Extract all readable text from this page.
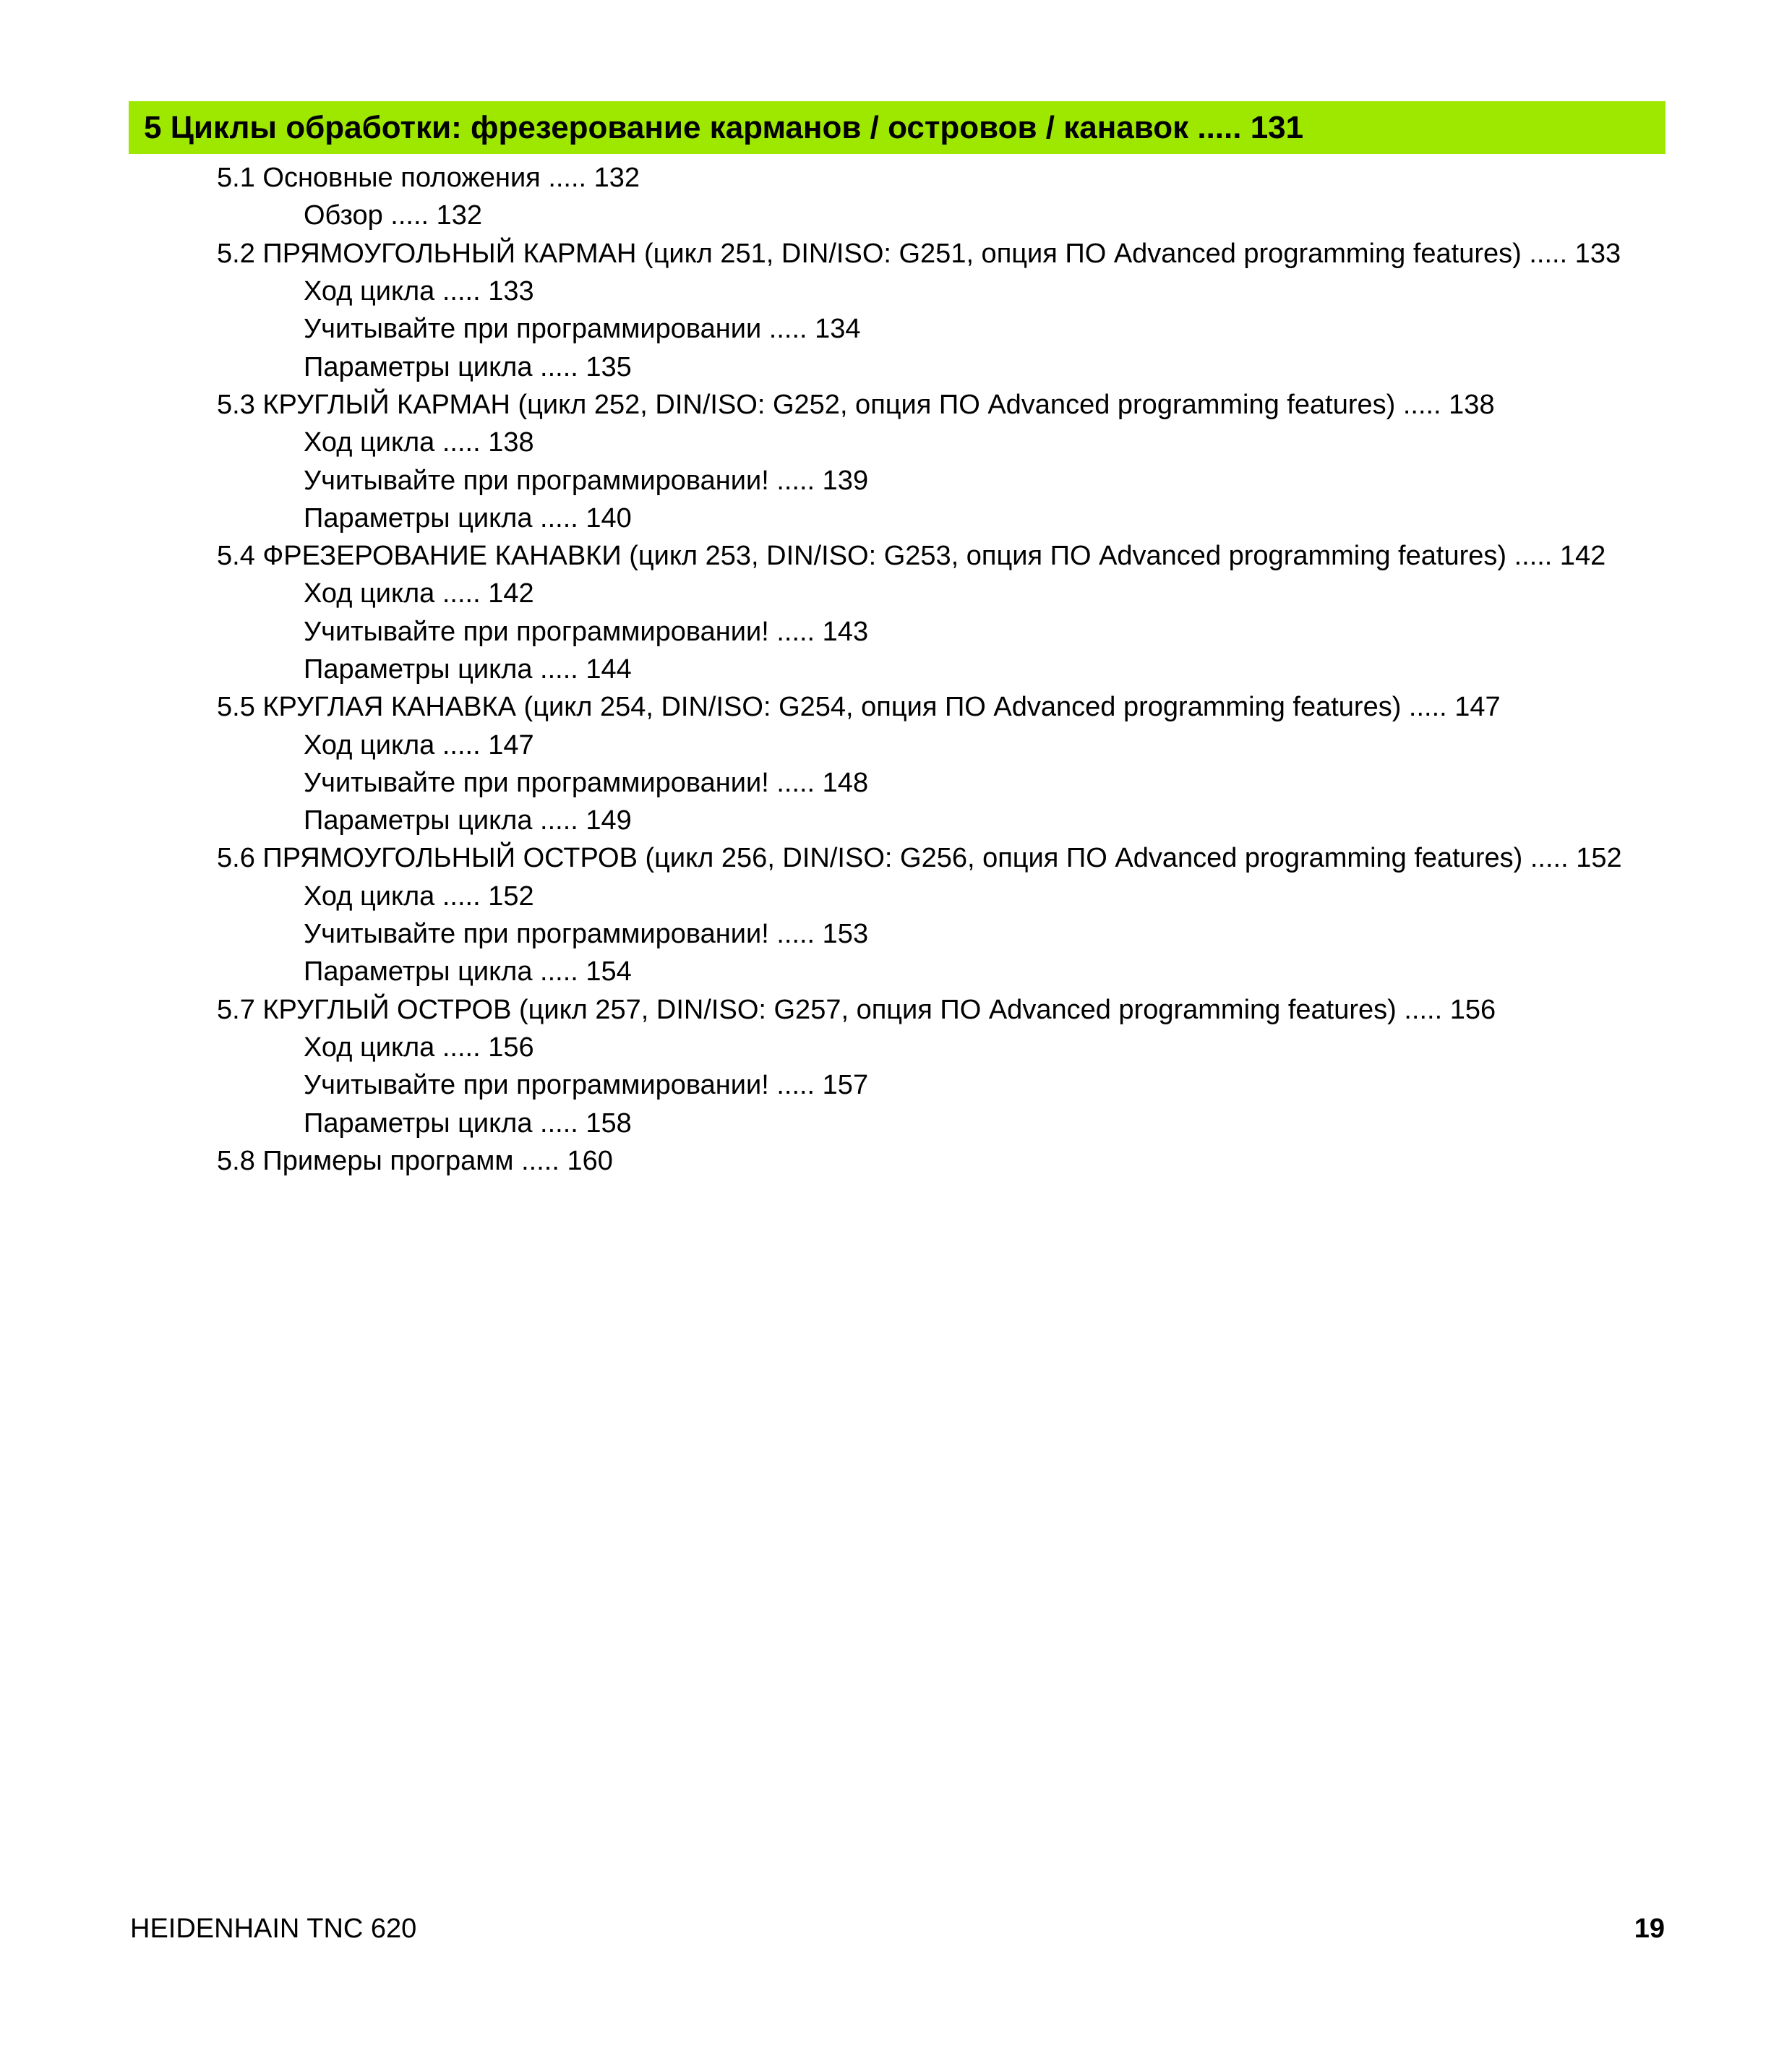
5 Циклы обработки: фрезерование карманов / островов / канавок ..... 131
5.1 Основные положения ..... 132
Обзор ..... 132
5.2 ПРЯМОУГОЛЬНЫЙ КАРМАН (цикл 251, DIN/ISO: G251, опция ПО Advanced programming features) ..... 133
Ход цикла ..... 133
Учитывайте при программировании ..... 134
Параметры цикла ..... 135
5.3 КРУГЛЫЙ КАРМАН (цикл 252, DIN/ISO: G252, опция ПО Advanced programming features) ..... 138
Ход цикла ..... 138
Учитывайте при программировании! ..... 139
Параметры цикла ..... 140
5.4 ФРЕЗЕРОВАНИЕ КАНАВКИ (цикл 253, DIN/ISO: G253, опция ПО Advanced programming features) ..... 142
Ход цикла ..... 142
Учитывайте при программировании! ..... 143
Параметры цикла ..... 144
5.5 КРУГЛАЯ КАНАВКА (цикл 254, DIN/ISO: G254, опция ПО Advanced programming features) ..... 147
Ход цикла ..... 147
Учитывайте при программировании! ..... 148
Параметры цикла ..... 149
5.6 ПРЯМОУГОЛЬНЫЙ ОСТРОВ (цикл 256, DIN/ISO: G256, опция ПО Advanced programming features) ..... 152
Ход цикла ..... 152
Учитывайте при программировании! ..... 153
Параметры цикла ..... 154
5.7 КРУГЛЫЙ ОСТРОВ (цикл 257, DIN/ISO: G257, опция ПО Advanced programming features) ..... 156
Ход цикла ..... 156
Учитывайте при программировании! ..... 157
Параметры цикла ..... 158
5.8 Примеры программ ..... 160
HEIDENHAIN TNC 620	19
